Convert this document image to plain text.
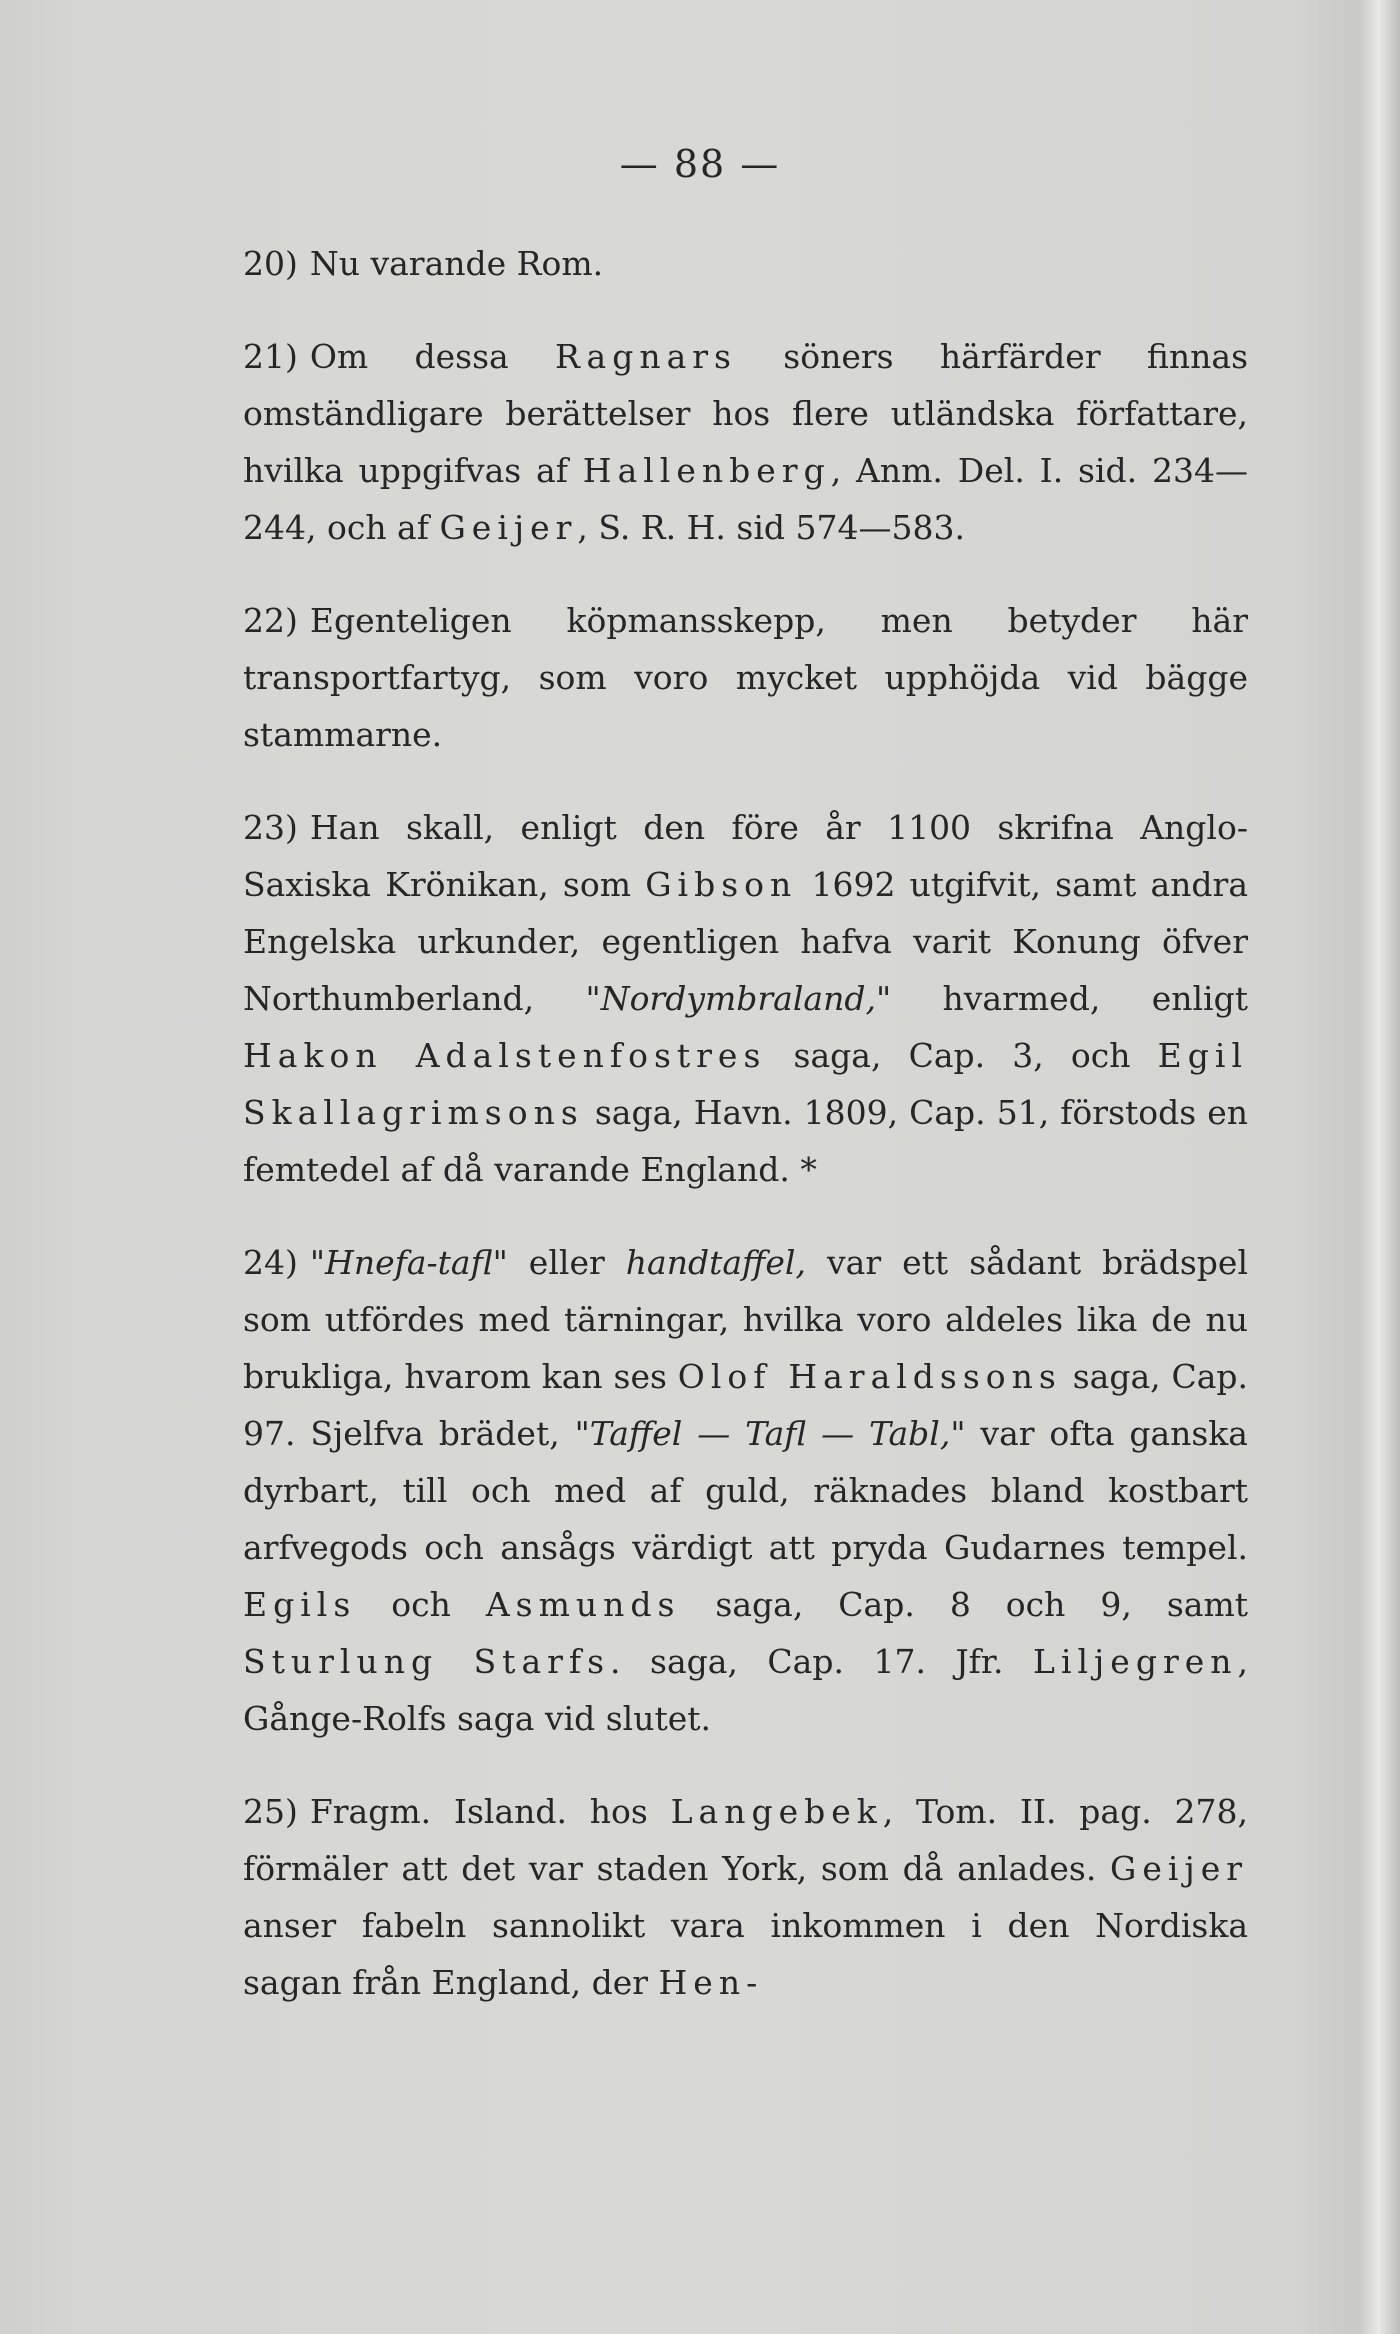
— 88 —

20) Nu varande Rom.

21) Om dessa Ragnars söners härfärder finnas omständligare berättelser hos flere utländska författare, hvilka uppgifvas af Hallenberg, Anm. Del. I. sid. 234—244, och af Geijer, S. R. H. sid 574—583.

22) Egenteligen köpmansskepp, men betyder här transportfartyg, som voro mycket upphöjda vid bägge stammarne.

23) Han skall, enligt den före år 1100 skrifna Anglo-Saxiska Krönikan, som Gibson 1692 utgifvit, samt andra Engelska urkunder, egentligen hafva varit Konung öfver Northumberland, "Nordymbraland," hvarmed, enligt Hakon Adalstenfostres saga, Cap. 3, och Egil Skallagrimsons saga, Havn. 1809, Cap. 51, förstods en femtedel af då varande England. *

24) "Hnefa-tafl" eller handtaffel, var ett sådant brädspel som utfördes med tärningar, hvilka voro aldeles lika de nu brukliga, hvarom kan ses Olof Haraldssons saga, Cap. 97. Sjelfva brädet, "Taffel — Tafl — Tabl," var ofta ganska dyrbart, till och med af guld, räknades bland kostbart arfvegods och ansågs värdigt att pryda Gudarnes tempel. Egils och Asmunds saga, Cap. 8 och 9, samt Sturlung Starfs. saga, Cap. 17. Jfr. Liljegren, Gånge-Rolfs saga vid slutet.

25) Fragm. Island. hos Langebek, Tom. II. pag. 278, förmäler att det var staden York, som då anlades. Geijer anser fabeln sannolikt vara inkommen i den Nordiska sagan från England, der Hen-
